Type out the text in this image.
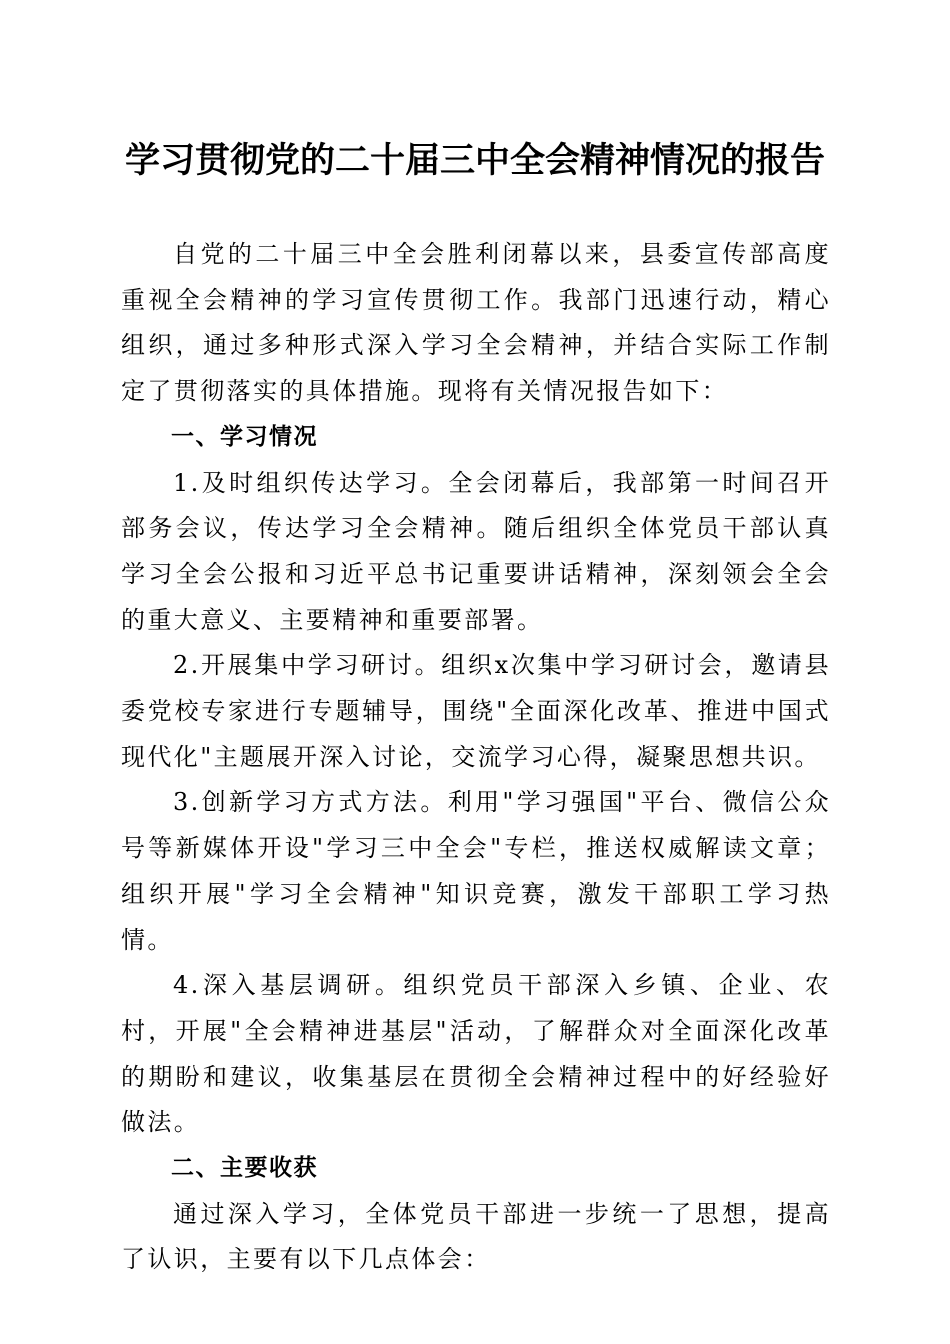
学习贯彻党的二十届三中全会精神情况的报告

自党的二十届三中全会胜利闭幕以来，县委宣传部高度重视全会精神的学习宣传贯彻工作。我部门迅速行动，精心组织，通过多种形式深入学习全会精神，并结合实际工作制定了贯彻落实的具体措施。现将有关情况报告如下：

一、学习情况

1.及时组织传达学习。全会闭幕后，我部第一时间召开部务会议，传达学习全会精神。随后组织全体党员干部认真学习全会公报和习近平总书记重要讲话精神，深刻领会全会的重大意义、主要精神和重要部署。

2.开展集中学习研讨。组织x次集中学习研讨会，邀请县委党校专家进行专题辅导，围绕"全面深化改革、推进中国式现代化"主题展开深入讨论，交流学习心得，凝聚思想共识。

3.创新学习方式方法。利用"学习强国"平台、微信公众号等新媒体开设"学习三中全会"专栏，推送权威解读文章；组织开展"学习全会精神"知识竞赛，激发干部职工学习热情。

4.深入基层调研。组织党员干部深入乡镇、企业、农村，开展"全会精神进基层"活动，了解群众对全面深化改革的期盼和建议，收集基层在贯彻全会精神过程中的好经验好做法。

二、主要收获

通过深入学习，全体党员干部进一步统一了思想，提高了认识，主要有以下几点体会：
